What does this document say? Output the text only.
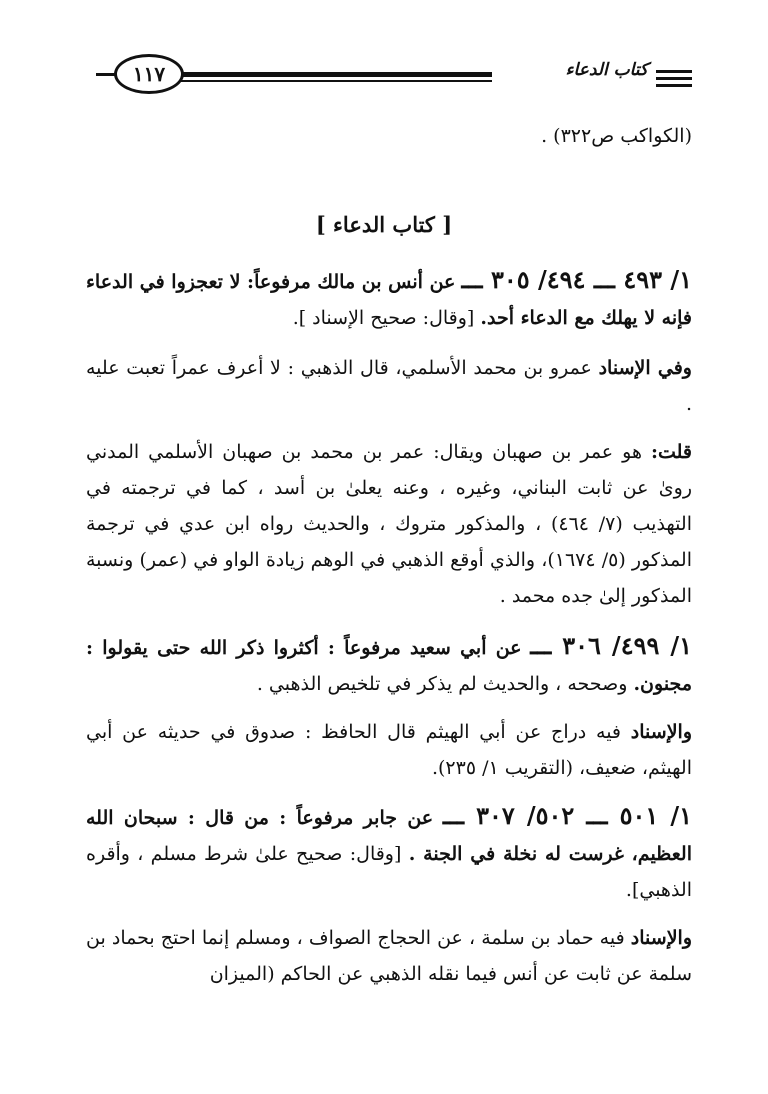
كتاب الدعاء
١١٧
(الكواكب ص٣٢٢) .
[ كتاب الدعاء ]
١/ ٤٩٣ ـــ ٤٩٤/ ٣٠٥ ـــ عن أنس بن مالك مرفوعاً: لا تعجزوا في الدعاء فإنه لا يهلك مع الدعاء أحد. [وقال: صحيح الإسناد ].
وفي الإسناد عمرو بن محمد الأسلمي، قال الذهبي : لا أعرف عمراً تعبت عليه .
قلت: هو عمر بن صهبان ويقال: عمر بن محمد بن صهبان الأسلمي المدني روىٰ عن ثابت البناني، وغيره ، وعنه يعلىٰ بن أسد ، كما في ترجمته في التهذيب (٧/ ٤٦٤) ، والمذكور متروك ، والحديث رواه ابن عدي في ترجمة المذكور (٥/ ١٦٧٤)، والذي أوقع الذهبي في الوهم زيادة الواو في (عمر) ونسبة المذكور إلىٰ جده محمد .
١/ ٤٩٩/ ٣٠٦ ـــ عن أبي سعيد مرفوعاً : أكثروا ذكر الله حتى يقولوا : مجنون. وصححه ، والحديث لم يذكر في تلخيص الذهبي .
والإسناد فيه دراج عن أبي الهيثم قال الحافظ : صدوق في حديثه عن أبي الهيثم، ضعيف، (التقريب ١/ ٢٣٥).
١/ ٥٠١ ـــ ٥٠٢/ ٣٠٧ ـــ عن جابر مرفوعاً : من قال : سبحان الله العظيم، غرست له نخلة في الجنة . [وقال: صحيح علىٰ شرط مسلم ، وأقره الذهبي].
والإسناد فيه حماد بن سلمة ، عن الحجاج الصواف ، ومسلم إنما احتج بحماد بن سلمة عن ثابت عن أنس فيما نقله الذهبي عن الحاكم (الميزان
